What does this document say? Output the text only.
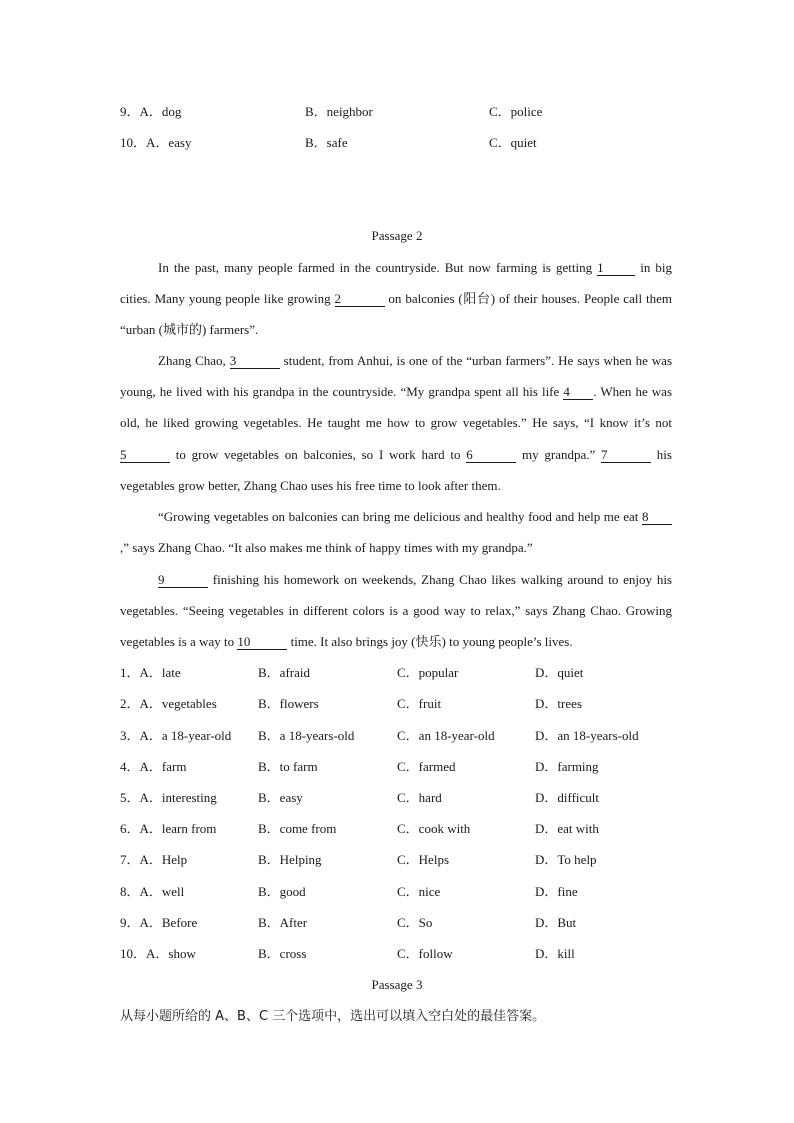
9．A．dog	B．neighbor	C．police
10．A．easy	B．safe	C．quiet
Passage 2
In the past, many people farmed in the countryside. But now farming is getting 1 in big cities. Many young people like growing 2	on balconies (阳台) of their houses. People call them “urban (城市的) farmers”.
Zhang Chao, 3	student, from Anhui, is one of the “urban farmers”. He says when he was young, he lived with his grandpa in the countryside. “My grandpa spent all his life 4 . When he was old, he liked growing vegetables. He taught me how to grow vegetables.” He says, “I know it’s not 5	to grow vegetables on balconies, so I work hard to 6	my grandpa.” 7	his vegetables grow better, Zhang Chao uses his free time to look after them.
“Growing vegetables on balconies can bring me delicious and healthy food and help me eat 8,” says Zhang Chao. “It also makes me think of happy times with my grandpa.”
9	finishing his homework on weekends, Zhang Chao likes walking around to enjoy his vegetables. “Seeing vegetables in different colors is a good way to relax,” says Zhang Chao. Growing vegetables is a way to 10	time. It also brings joy (快乐) to young people’s lives.
1．A．late	B．afraid	C．popular	D．quiet
2．A．vegetables	B．flowers	C．fruit	D．trees
3．A．a 18-year-old B．a 18-years-old	C．an 18-year-old	D．an 18-years-old
4．A．farm	B．to farm	C．farmed	D．farming
5．A．interesting	B．easy	C．hard	D．difficult
6．A．learn from	B．come from	C．cook with	D．eat with
7．A．Help	B．Helping	C．Helps	D．To help
8．A．well	B．good	C．nice	D．fine
9．A．Before	B．After	C．So	D．But
10．A．show	B．cross	C．follow	D．kill
Passage 3
从每小题所给的 A、B、C 三个选项中，选出可以填入空白处的最佳答案。
